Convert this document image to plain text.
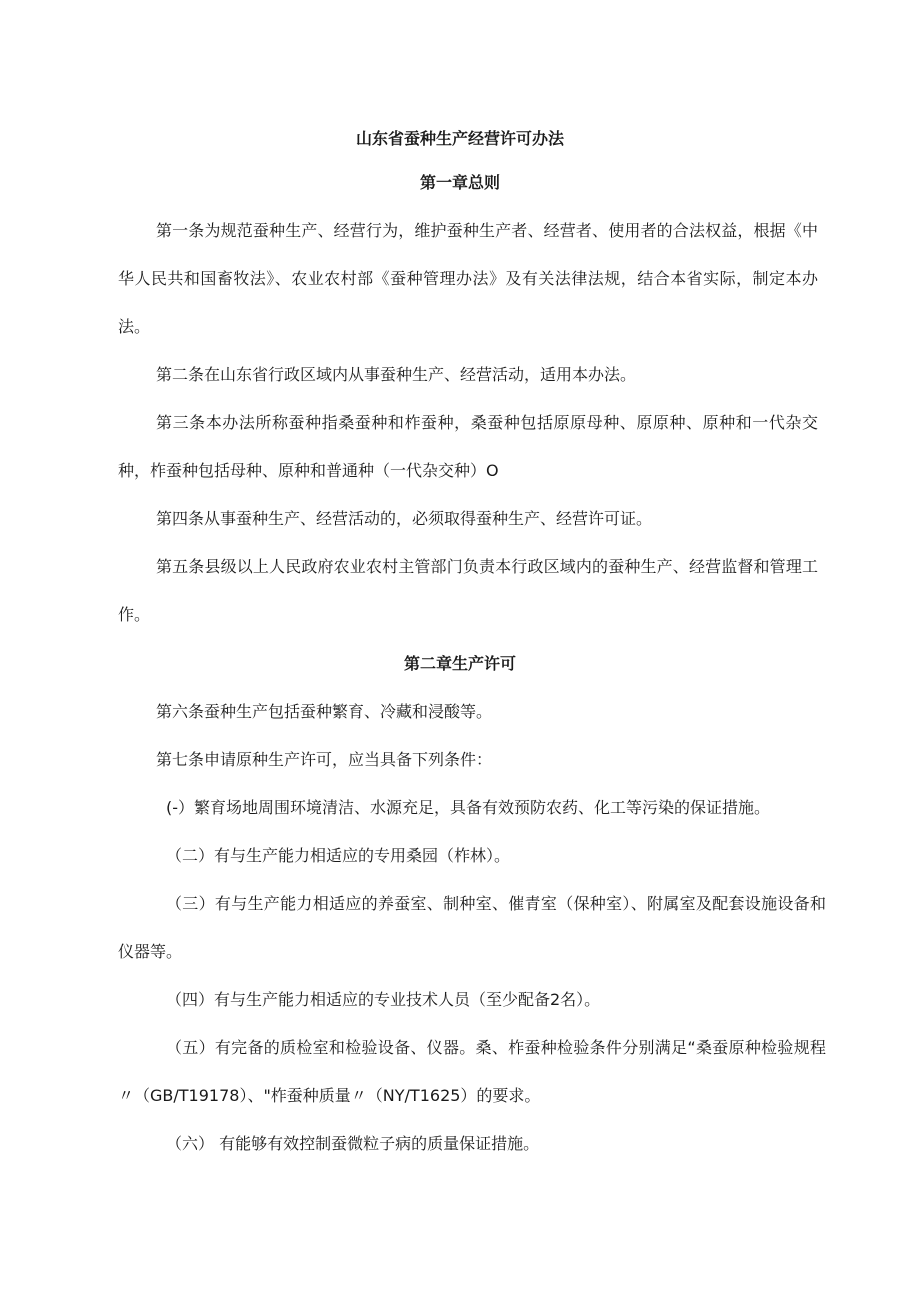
山东省蚕种生产经营许可办法
第一章总则

第一条为规范蚕种生产、经营行为，维护蚕种生产者、经营者、使用者的合法权益，根据《中华人民共和国畜牧法》、农业农村部《蚕种管理办法》及有关法律法规，结合本省实际，制定本办法。

第二条在山东省行政区域内从事蚕种生产、经营活动，适用本办法。

第三条本办法所称蚕种指桑蚕种和柞蚕种，桑蚕种包括原原母种、原原种、原种和一代杂交种，柞蚕种包括母种、原种和普通种（一代杂交种）O

第四条从事蚕种生产、经营活动的，必须取得蚕种生产、经营许可证。

第五条县级以上人民政府农业农村主管部门负责本行政区域内的蚕种生产、经营监督和管理工作。

第二章生产许可

第六条蚕种生产包括蚕种繁育、冷藏和浸酸等。

第七条申请原种生产许可，应当具备下列条件：

(-）繁育场地周围环境清洁、水源充足，具备有效预防农药、化工等污染的保证措施。

（二）有与生产能力相适应的专用桑园（柞林）。

（三）有与生产能力相适应的养蚕室、制种室、催青室（保种室）、附属室及配套设施设备和仪器等。

（四）有与生产能力相适应的专业技术人员（至少配备2名）。

（五）有完备的质检室和检验设备、仪器。桑、柞蚕种检验条件分别满足“桑蚕原种检验规程〃（GB/T19178）、"柞蚕种质量〃（NY/T1625）的要求。

（六） 有能够有效控制蚕微粒子病的质量保证措施。
